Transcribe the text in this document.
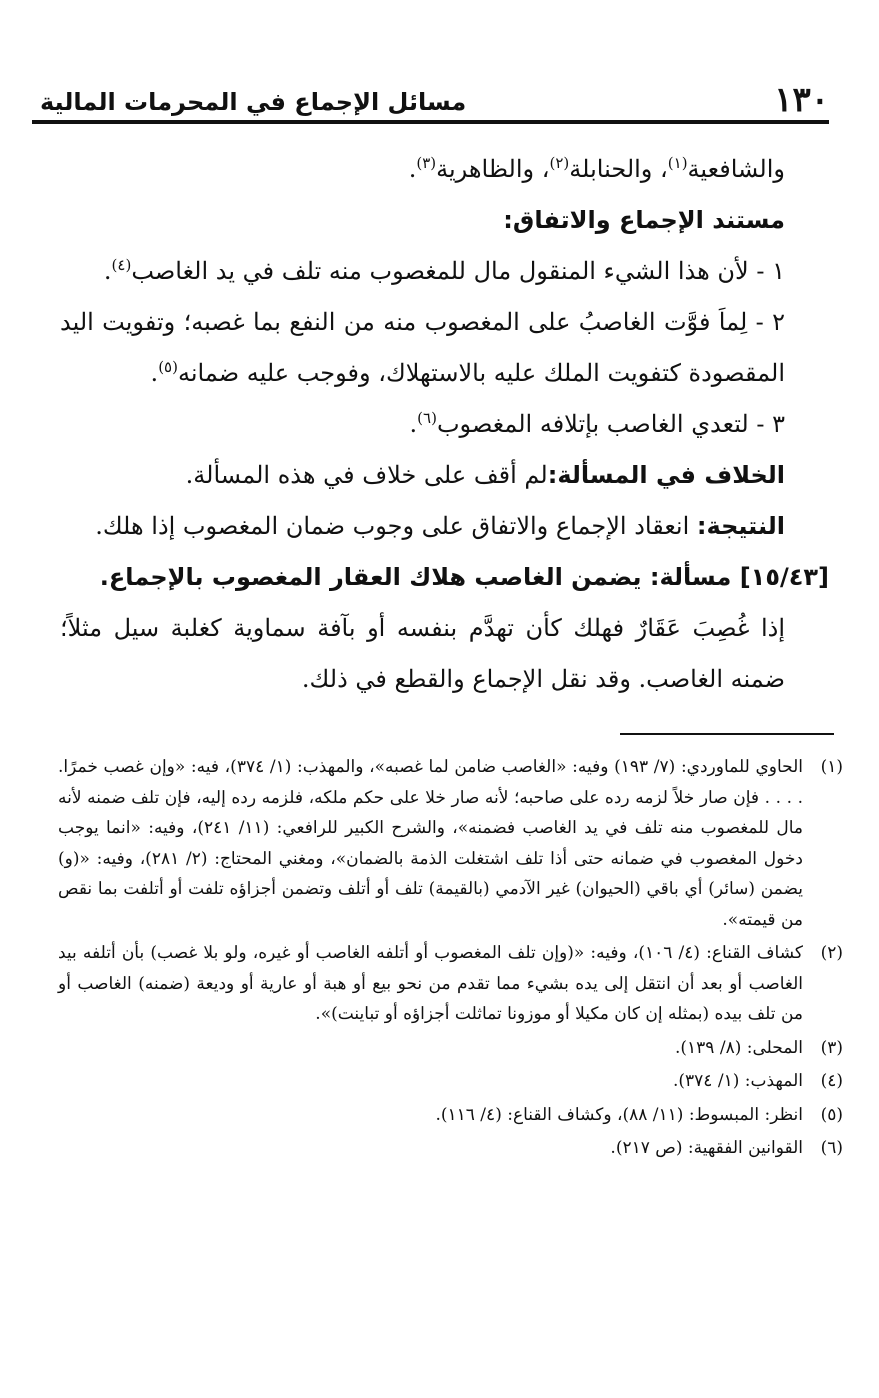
١٣٠
مسائل الإجماع في المحرمات المالية

والشافعية$^{(١)}$، والحنابلة$^{(٢)}$، والظاهرية$^{(٣)}$.

مستند الإجماع والاتفاق:

١ - لأن هذا الشيء المنقول مال للمغصوب منه تلف في يد الغاصب$^{(٤)}$.

٢ - لِماَ فوَّت الغاصبُ على المغصوب منه من النفع بما غصبه؛ وتفويت اليد المقصودة كتفويت الملك عليه بالاستهلاك، وفوجب عليه ضمانه$^{(٥)}$.

٣ - لتعدي الغاصب بإتلافه المغصوب$^{(٦)}$.

الخلاف في المسألة:لم أقف على خلاف في هذه المسألة.

النتيجة: انعقاد الإجماع والاتفاق على وجوب ضمان المغصوب إذا هلك.

[١٥/٤٣] مسألة: يضمن الغاصب هلاك العقار المغصوب بالإجماع.

إذا غُصِبَ عَقَارٌ فهلك كأن تهدَّم بنفسه أو بآفة سماوية كغلبة سيل مثلاً؛ ضمنه الغاصب. وقد نقل الإجماع والقطع في ذلك.

(١)
الحاوي للماوردي: (٧/ ١٩٣) وفيه: «الغاصب ضامن لما غصبه»، والمهذب: (١/ ٣٧٤)، فيه: «وإن غصب خمرًا. . . . . فإن صار خلاً لزمه رده على صاحبه؛ لأنه صار خلا على حكم ملكه، فلزمه رده إليه، فإن تلف ضمنه لأنه مال للمغصوب منه تلف في يد الغاصب فضمنه»، والشرح الكبير للرافعي: (١١/ ٢٤١)، وفيه: «انما يوجب دخول المغصوب في ضمانه حتى أذا تلف اشتغلت الذمة بالضمان»، ومغني المحتاج: (٢/ ٢٨١)، وفيه: «(و) يضمن (سائر) أي باقي (الحيوان) غير الآدمي (بالقيمة) تلف أو أتلف وتضمن أجزاؤه تلفت أو أتلفت بما نقص من قيمته».
(٢)
كشاف القناع: (٤/ ١٠٦)، وفيه: «(وإن تلف المغصوب أو أتلفه الغاصب أو غيره، ولو بلا غصب) بأن أتلفه بيد الغاصب أو بعد أن انتقل إلى يده بشيء مما تقدم من نحو بيع أو هبة أو عارية أو وديعة (ضمنه) الغاصب أو من تلف بيده (بمثله إن كان مكيلا أو موزونا تماثلت أجزاؤه أو تباينت)».
(٣)
المحلى: (٨/ ١٣٩).
(٤)
المهذب: (١/ ٣٧٤).
(٥)
انظر: المبسوط: (١١/ ٨٨)، وكشاف القناع: (٤/ ١١٦).
(٦)
القوانين الفقهية: (ص ٢١٧).
